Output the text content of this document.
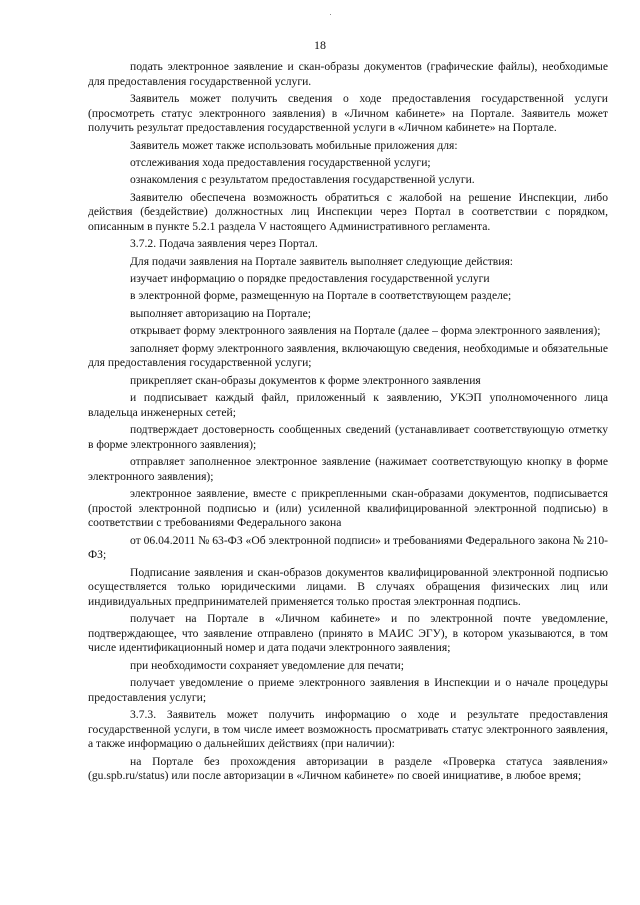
18

подать электронное заявление и скан-образы документов (графические файлы), необходимые для предоставления государственной услуги.

Заявитель может получить сведения о ходе предоставления государственной услуги (просмотреть статус электронного заявления) в «Личном кабинете» на Портале. Заявитель может получить результат предоставления государственной услуги в «Личном кабинете» на Портале.

Заявитель может также использовать мобильные приложения для:

отслеживания хода предоставления государственной услуги;

ознакомления с результатом предоставления государственной услуги.

Заявителю обеспечена возможность обратиться с жалобой на решение Инспекции, либо действия (бездействие) должностных лиц Инспекции через Портал в соответствии с порядком, описанным в пункте 5.2.1 раздела V настоящего Административного регламента.

3.7.2. Подача заявления через Портал.

Для подачи заявления на Портале заявитель выполняет следующие действия:

изучает информацию о порядке предоставления государственной услуги

в электронной форме, размещенную на Портале в соответствующем разделе;

выполняет авторизацию на Портале;

открывает форму электронного заявления на Портале (далее – форма электронного заявления);

заполняет форму электронного заявления, включающую сведения, необходимые и обязательные для предоставления государственной услуги;

прикрепляет скан-образы документов к форме электронного заявления

и подписывает каждый файл, приложенный к заявлению, УКЭП уполномоченного лица владельца инженерных сетей;

подтверждает достоверность сообщенных сведений (устанавливает соответствующую отметку в форме электронного заявления);

отправляет заполненное электронное заявление (нажимает соответствующую кнопку в форме электронного заявления);

электронное заявление, вместе с прикрепленными скан-образами документов, подписывается (простой электронной подписью и (или) усиленной квалифицированной электронной подписью) в соответствии с требованиями Федерального закона

от 06.04.2011 № 63-ФЗ «Об электронной подписи» и требованиями Федерального закона № 210-ФЗ;

Подписание заявления и скан-образов документов квалифицированной электронной подписью осуществляется только юридическими лицами. В случаях обращения физических лиц или индивидуальных предпринимателей применяется только простая электронная подпись.

получает на Портале в «Личном кабинете» и по электронной почте уведомление, подтверждающее, что заявление отправлено (принято в МАИС ЭГУ), в котором указываются, в том числе идентификационный номер и дата подачи электронного заявления;

при необходимости сохраняет уведомление для печати;

получает уведомление о приеме электронного заявления в Инспекции и о начале процедуры предоставления услуги;

3.7.3. Заявитель может получить информацию о ходе и результате предоставления государственной услуги, в том числе имеет возможность просматривать статус электронного заявления, а также информацию о дальнейших действиях (при наличии):

на Портале без прохождения авторизации в разделе «Проверка статуса заявления» (gu.spb.ru/status) или после авторизации в «Личном кабинете» по своей инициативе, в любое время;
